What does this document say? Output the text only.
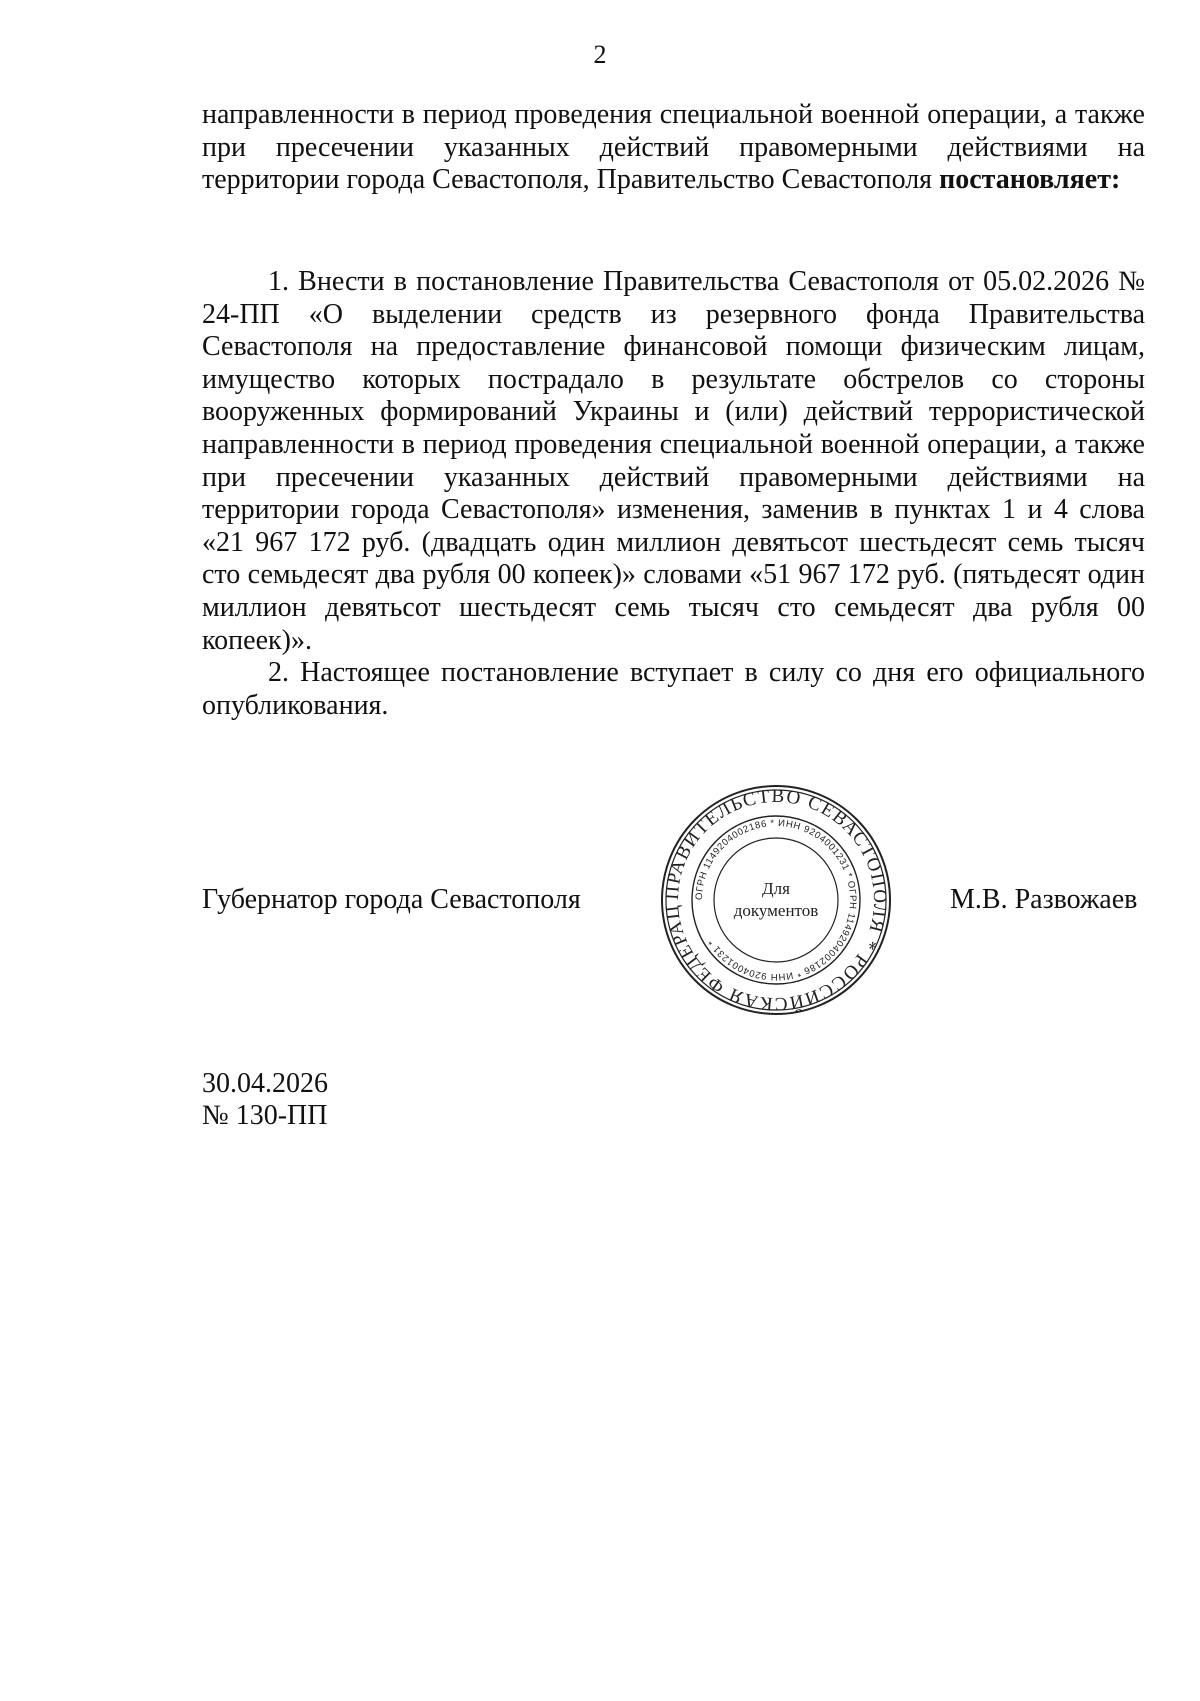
2

направленности в период проведения специальной военной операции, а также при пресечении указанных действий правомерными действиями на территории города Севастополя, Правительство Севастополя постановляет:

1. Внести в постановление Правительства Севастополя от 05.02.2026 № 24-ПП «О выделении средств из резервного фонда Правительства Севастополя на предоставление финансовой помощи физическим лицам, имущество которых пострадало в результате обстрелов со стороны вооруженных формирований Украины и (или) действий террористической направленности в период проведения специальной военной операции, а также при пресечении указанных действий правомерными действиями на территории города Севастополя» изменения, заменив в пунктах 1 и 4 слова «21 967 172 руб. (двадцать один миллион девятьсот шестьдесят семь тысяч сто семьдесят два рубля 00 копеек)» словами «51 967 172 руб. (пятьдесят один миллион девятьсот шестьдесят семь тысяч сто семьдесят два рубля 00 копеек)».

2. Настоящее постановление вступает в силу со дня его официального опубликования.

Губернатор города Севастополя	ПРАВИТЕЛЬСТВО СЕВАСТОПОЛЯ * РОССИЙСКАЯ ФЕДЕРАЦ
ОГРН 1149204002186 * ИНН 9204001231 * ОГРН 1149204002186 * ИНН 9204001231 *
Для
документов	М.В. Развожаев
30.04.2026
№ 130-ПП
